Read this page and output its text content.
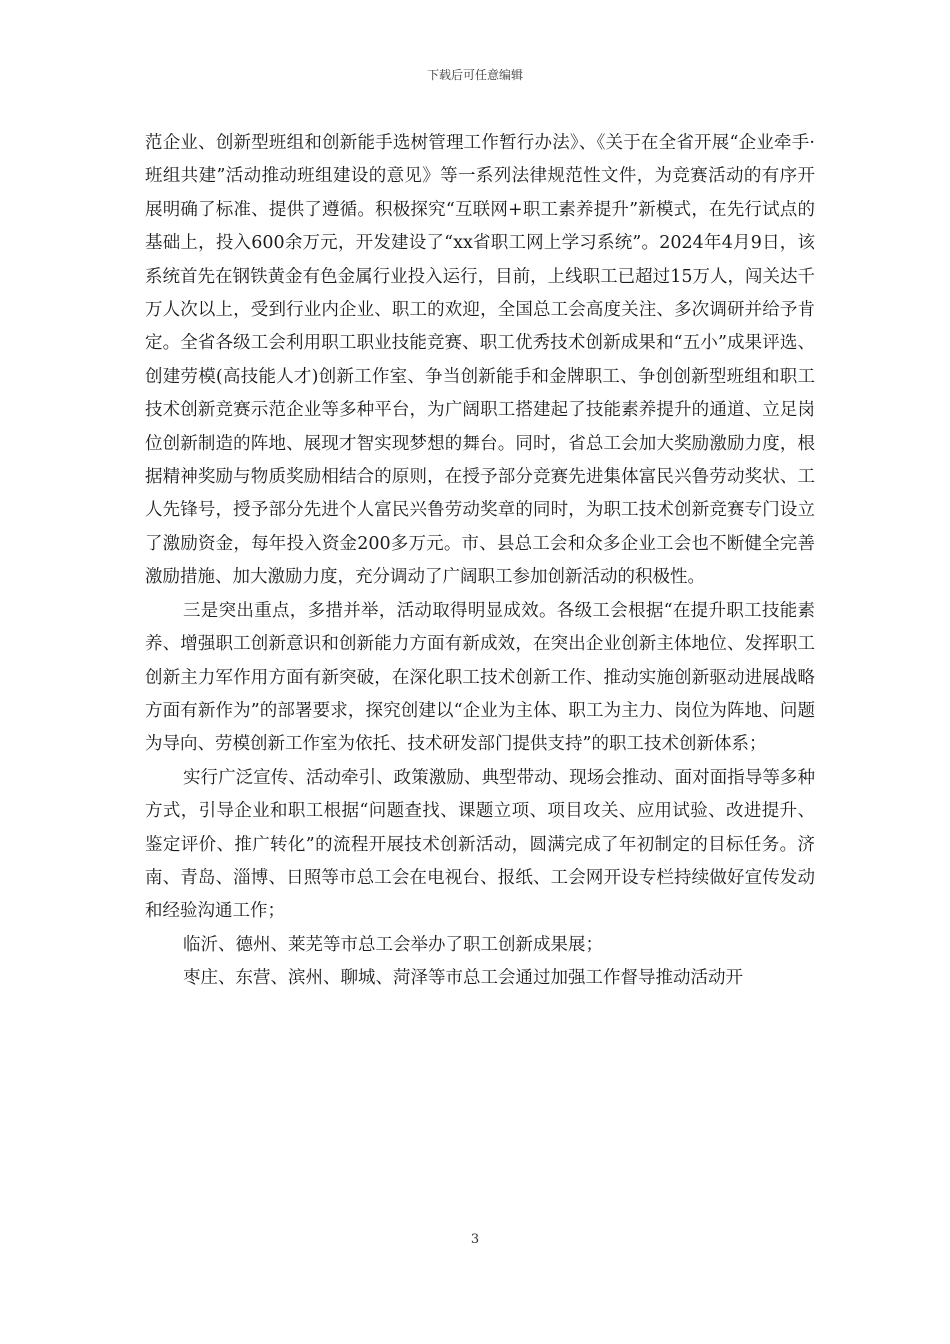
下载后可任意编辑

范企业、创新型班组和创新能手选树管理工作暂行办法》、《关于在全省开展“企业牵手·班组共建”活动推动班组建设的意见》等一系列法律规范性文件，为竞赛活动的有序开展明确了标准、提供了遵循。积极探究“互联网+职工素养提升”新模式，在先行试点的基础上，投入600余万元，开发建设了“xx省职工网上学习系统”。2024年4月9日，该系统首先在钢铁黄金有色金属行业投入运行，目前，上线职工已超过15万人，闯关达千万人次以上，受到行业内企业、职工的欢迎，全国总工会高度关注、多次调研并给予肯定。全省各级工会利用职工职业技能竞赛、职工优秀技术创新成果和“五小”成果评选、创建劳模(高技能人才)创新工作室、争当创新能手和金牌职工、争创创新型班组和职工技术创新竞赛示范企业等多种平台，为广阔职工搭建起了技能素养提升的通道、立足岗位创新制造的阵地、展现才智实现梦想的舞台。同时，省总工会加大奖励激励力度，根据精神奖励与物质奖励相结合的原则，在授予部分竞赛先进集体富民兴鲁劳动奖状、工人先锋号，授予部分先进个人富民兴鲁劳动奖章的同时，为职工技术创新竞赛专门设立了激励资金，每年投入资金200多万元。市、县总工会和众多企业工会也不断健全完善激励措施、加大激励力度，充分调动了广阔职工参加创新活动的积极性。

三是突出重点，多措并举，活动取得明显成效。各级工会根据“在提升职工技能素养、增强职工创新意识和创新能力方面有新成效，在突出企业创新主体地位、发挥职工创新主力军作用方面有新突破，在深化职工技术创新工作、推动实施创新驱动进展战略方面有新作为”的部署要求，探究创建以“企业为主体、职工为主力、岗位为阵地、问题为导向、劳模创新工作室为依托、技术研发部门提供支持”的职工技术创新体系；

实行广泛宣传、活动牵引、政策激励、典型带动、现场会推动、面对面指导等多种方式，引导企业和职工根据“问题查找、课题立项、项目攻关、应用试验、改进提升、鉴定评价、推广转化”的流程开展技术创新活动，圆满完成了年初制定的目标任务。济南、青岛、淄博、日照等市总工会在电视台、报纸、工会网开设专栏持续做好宣传发动和经验沟通工作；

临沂、德州、莱芜等市总工会举办了职工创新成果展；

枣庄、东营、滨州、聊城、菏泽等市总工会通过加强工作督导推动活动开

3
